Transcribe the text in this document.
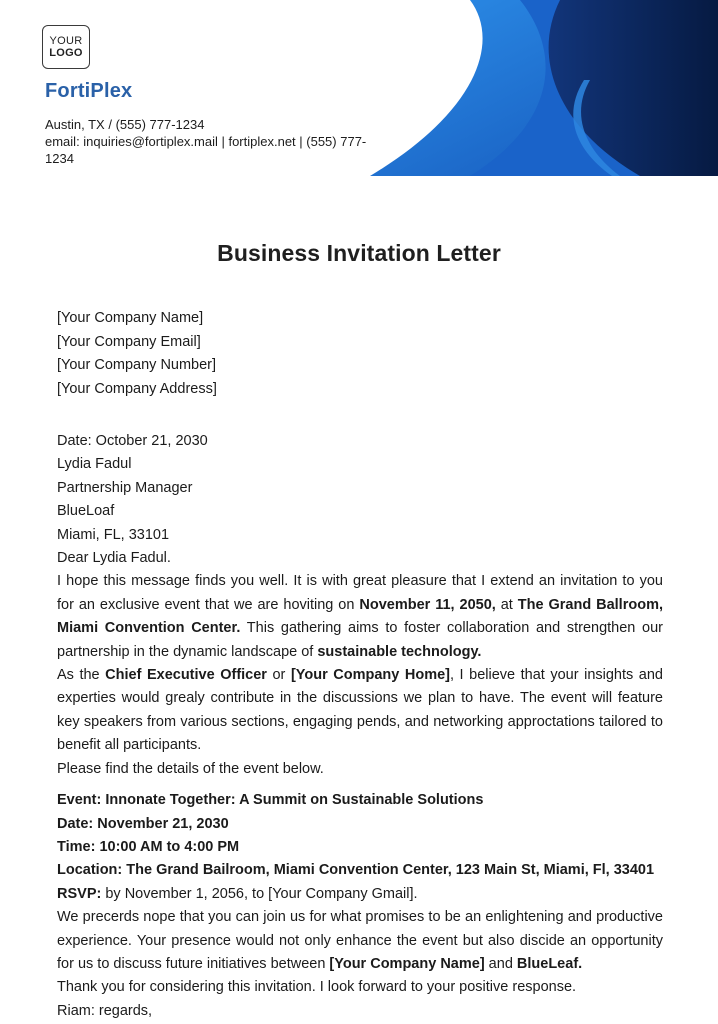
YOUR
LOGO
FortiPlex
Austin, TX / (555) 777-1234
email: inquiries@fortiplex.mail | fortiplex.net | (555) 777-1234
Business Invitation Letter
[Your Company Name]
[Your Company Email]
[Your Company Number]
[Your Company Address]
Date: October 21, 2030
Lydia Fadul
Partnership Manager
BlueLoaf
Miami, FL, 33101
Dear Lydia Fadul.
I hope this message finds you well. It is with great pleasure that I extend an invitation to you for an exclusive event that we are hoviting on November 11, 2050, at The Grand Ballroom, Miami Convention Center. This gathering aims to foster collaboration and strengthen our partnership in the dynamic landscape of sustainable technology.
As the Chief Executive Officer or [Your Company Home], I believe that your insights and experties would grealy contribute in the discussions we plan to have. The event will feature key speakers from various sections, engaging pends, and networking approctations tailored to benefit all participants.
Please find the details of the event below.
Event: Innonate Together: A Summit on Sustainable Solutions
Date: November 21, 2030
Time: 10:00 AM to 4:00 PM
Location: The Grand Bailroom, Miami Convention Center, 123 Main St, Miami, Fl, 33401
RSVP: by November 1, 2056, to [Your Company Gmail].
We precerds nope that you can join us for what promises to be an enlightening and productive experience. Your presence would not only enhance the event but also discide an opportunity for us to discuss future initiatives between [Your Company Name] and BlueLeaf.
Thank you for considering this invitation. I look forward to your positive response.
Riam: regards,
